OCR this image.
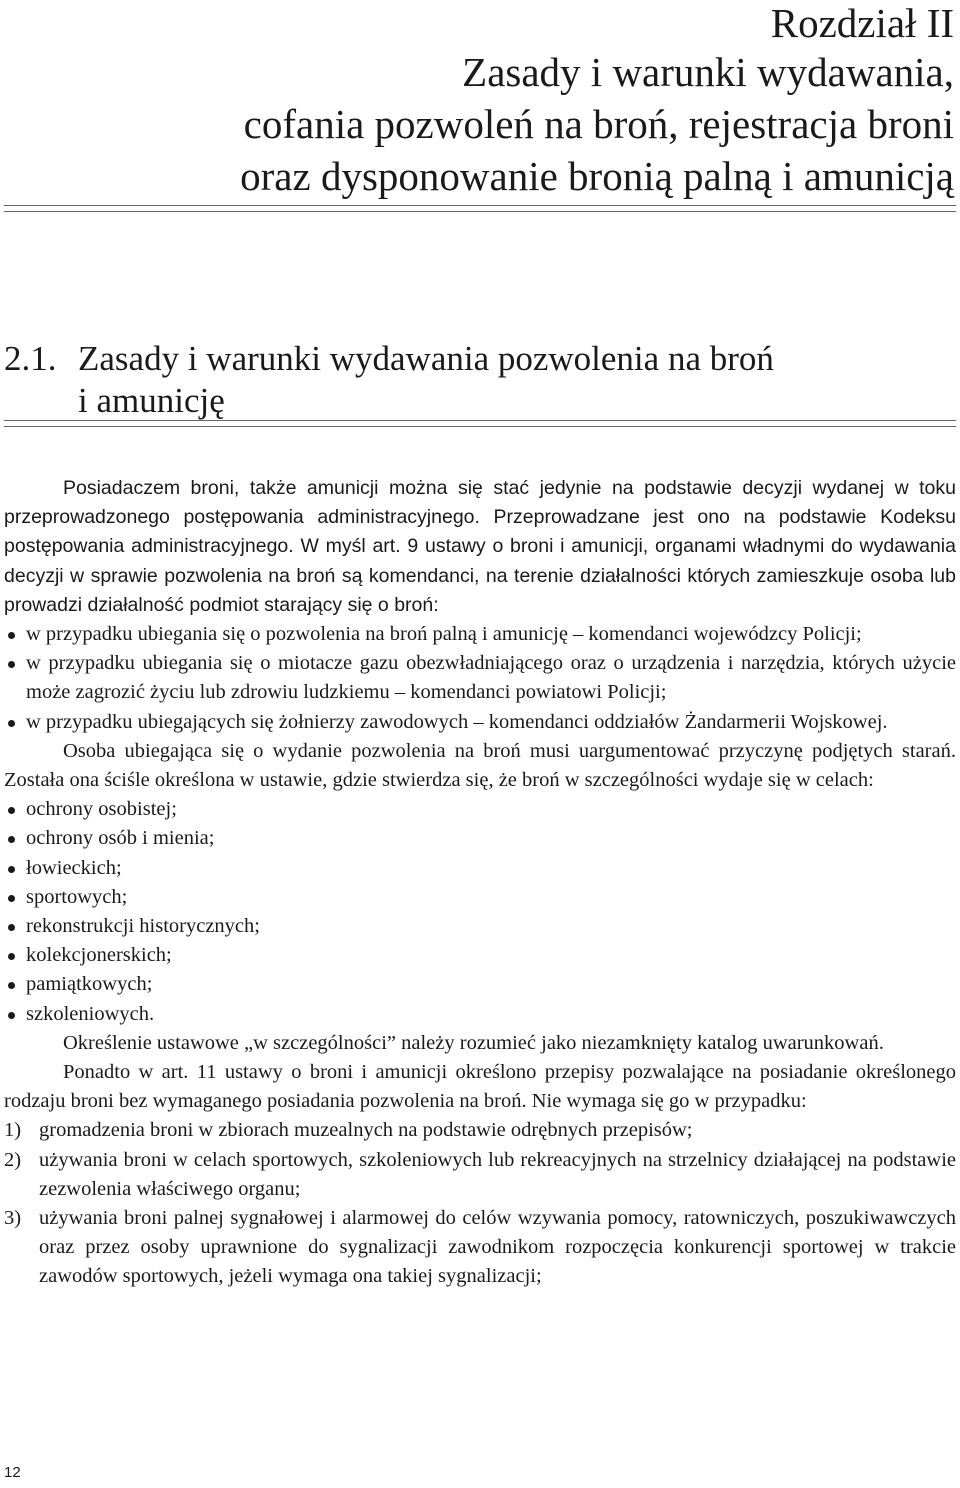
Rozdział II
Zasady i warunki wydawania,
cofania pozwoleń na broń, rejestracja broni
oraz dysponowanie bronią palną i amunicją
2.1. Zasady i warunki wydawania pozwolenia na broń
i amunicję

Posiadaczem broni, także amunicji można się stać jedynie na podstawie decyzji wydanej w toku przeprowadzonego postępowania administracyjnego. Przeprowadzane jest ono na podstawie Kodeksu postępowania administracyjnego. W myśl art. 9 ustawy o broni i amunicji, organami władnymi do wydawania decyzji w sprawie pozwolenia na broń są komendanci, na terenie działalności których zamieszkuje osoba lub prowadzi działalność podmiot starający się o broń:

w przypadku ubiegania się o pozwolenia na broń palną i amunicję – komendanci wojewódzcy Policji;
w przypadku ubiegania się o miotacze gazu obezwładniającego oraz o urządzenia i narzędzia, których użycie może zagrozić życiu lub zdrowiu ludzkiemu – komendanci powiatowi Policji;
w przypadku ubiegających się żołnierzy zawodowych – komendanci oddziałów Żandarmerii Wojskowej.

Osoba ubiegająca się o wydanie pozwolenia na broń musi uargumentować przyczynę podjętych starań. Została ona ściśle określona w ustawie, gdzie stwierdza się, że broń w szczególności wydaje się w celach:

ochrony osobistej;
ochrony osób i mienia;
łowieckich;
sportowych;
rekonstrukcji historycznych;
kolekcjonerskich;
pamiątkowych;
szkoleniowych.

Określenie ustawowe „w szczególności” należy rozumieć jako niezamknięty katalog uwarunkowań.

Ponadto w art. 11 ustawy o broni i amunicji określono przepisy pozwalające na posiadanie określonego rodzaju broni bez wymaganego posiadania pozwolenia na broń. Nie wymaga się go w przypadku:

1) gromadzenia broni w zbiorach muzealnych na podstawie odrębnych przepisów;
2) używania broni w celach sportowych, szkoleniowych lub rekreacyjnych na strzelnicy działającej na podstawie zezwolenia właściwego organu;
3) używania broni palnej sygnałowej i alarmowej do celów wzywania pomocy, ratowniczych, poszukiwawczych oraz przez osoby uprawnione do sygnalizacji zawodnikom rozpoczęcia konkurencji sportowej w trakcie zawodów sportowych, jeżeli wymaga ona takiej sygnalizacji;
12
